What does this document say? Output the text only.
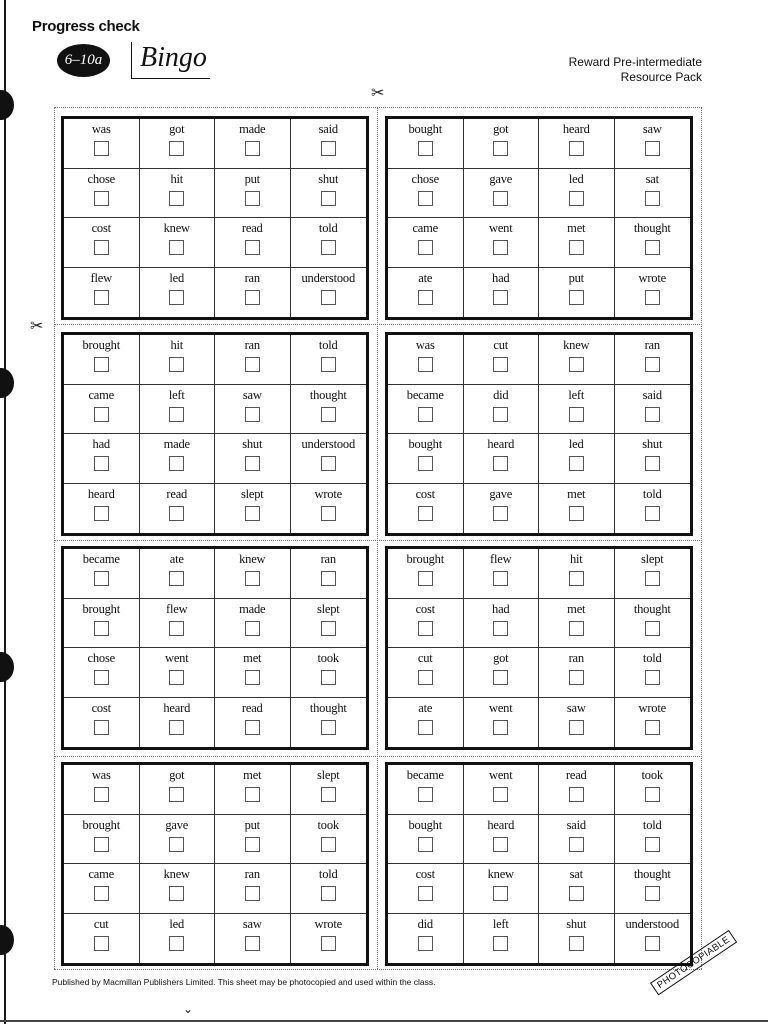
Progress check
6–10a Bingo	Reward Pre-intermediate
Resource Pack
✂
✂
was	got	made	said
chose	hit	put	shut
cost	knew	read	told
flew	led	ran	understood
bought	got	heard	saw
chose	gave	led	sat
came	went	met	thought
ate	had	put	wrote
brought	hit	ran	told
came	left	saw	thought
had	made	shut	understood
heard	read	slept	wrote
was	cut	knew	ran
became	did	left	said
bought	heard	led	shut
cost	gave	met	told
became	ate	knew	ran
brought	flew	made	slept
chose	went	met	took
cost	heard	read	thought
brought	flew	hit	slept
cost	had	met	thought
cut	got	ran	told
ate	went	saw	wrote
was	got	met	slept
brought	gave	put	took
came	knew	ran	told
cut	led	saw	wrote
became	went	read	took
bought	heard	said	told
cost	knew	sat	thought
did	left	shut	understood
Published by Macmillan Publishers Limited. This sheet may be photocopied and used within the class.	PHOTOCOPIABLE
⌄
